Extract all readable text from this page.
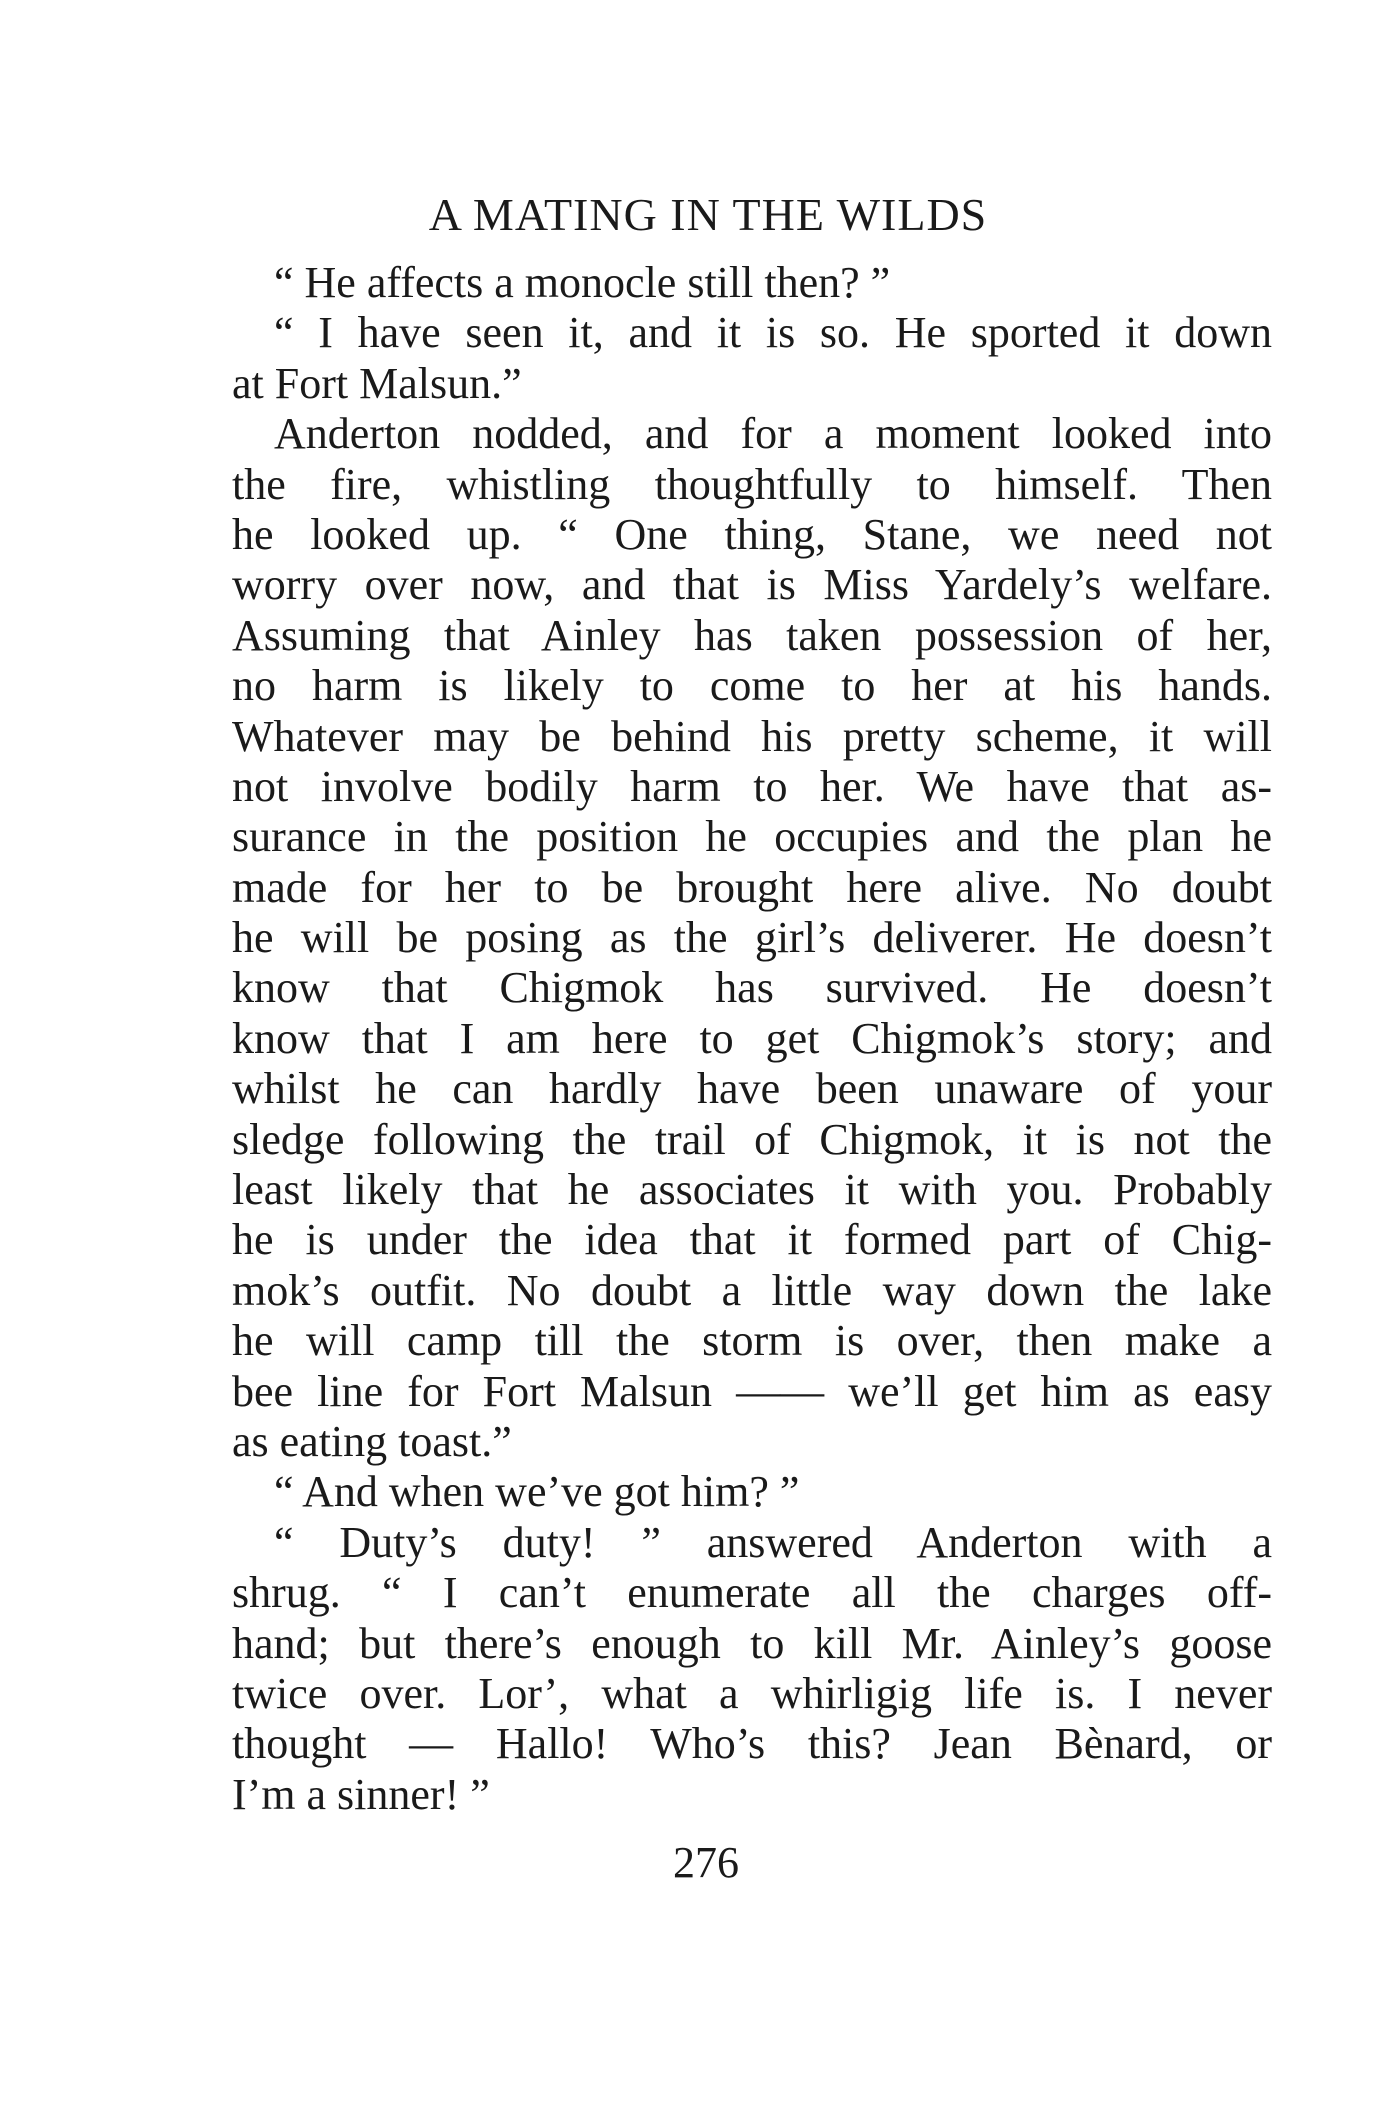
A MATING IN THE WILDS
“ He affects a monocle still then? ”
“ I have seen it, and it is so. He sported it down
at Fort Malsun.”
Anderton nodded, and for a moment looked into
the fire, whistling thoughtfully to himself. Then
he looked up. “ One thing, Stane, we need not
worry over now, and that is Miss Yardely’s welfare.
Assuming that Ainley has taken possession of her,
no harm is likely to come to her at his hands.
Whatever may be behind his pretty scheme, it will
not involve bodily harm to her. We have that as-
surance in the position he occupies and the plan he
made for her to be brought here alive. No doubt
he will be posing as the girl’s deliverer. He doesn’t
know that Chigmok has survived. He doesn’t
know that I am here to get Chigmok’s story; and
whilst he can hardly have been unaware of your
sledge following the trail of Chigmok, it is not the
least likely that he associates it with you. Probably
he is under the idea that it formed part of Chig-
mok’s outfit. No doubt a little way down the lake
he will camp till the storm is over, then make a
bee line for Fort Malsun —— we’ll get him as easy
as eating toast.”
“ And when we’ve got him? ”
“ Duty’s duty! ” answered Anderton with a
shrug. “ I can’t enumerate all the charges off-
hand; but there’s enough to kill Mr. Ainley’s goose
twice over. Lor’, what a whirligig life is. I never
thought — Hallo! Who’s this? Jean Bènard, or
I’m a sinner! ”
276
